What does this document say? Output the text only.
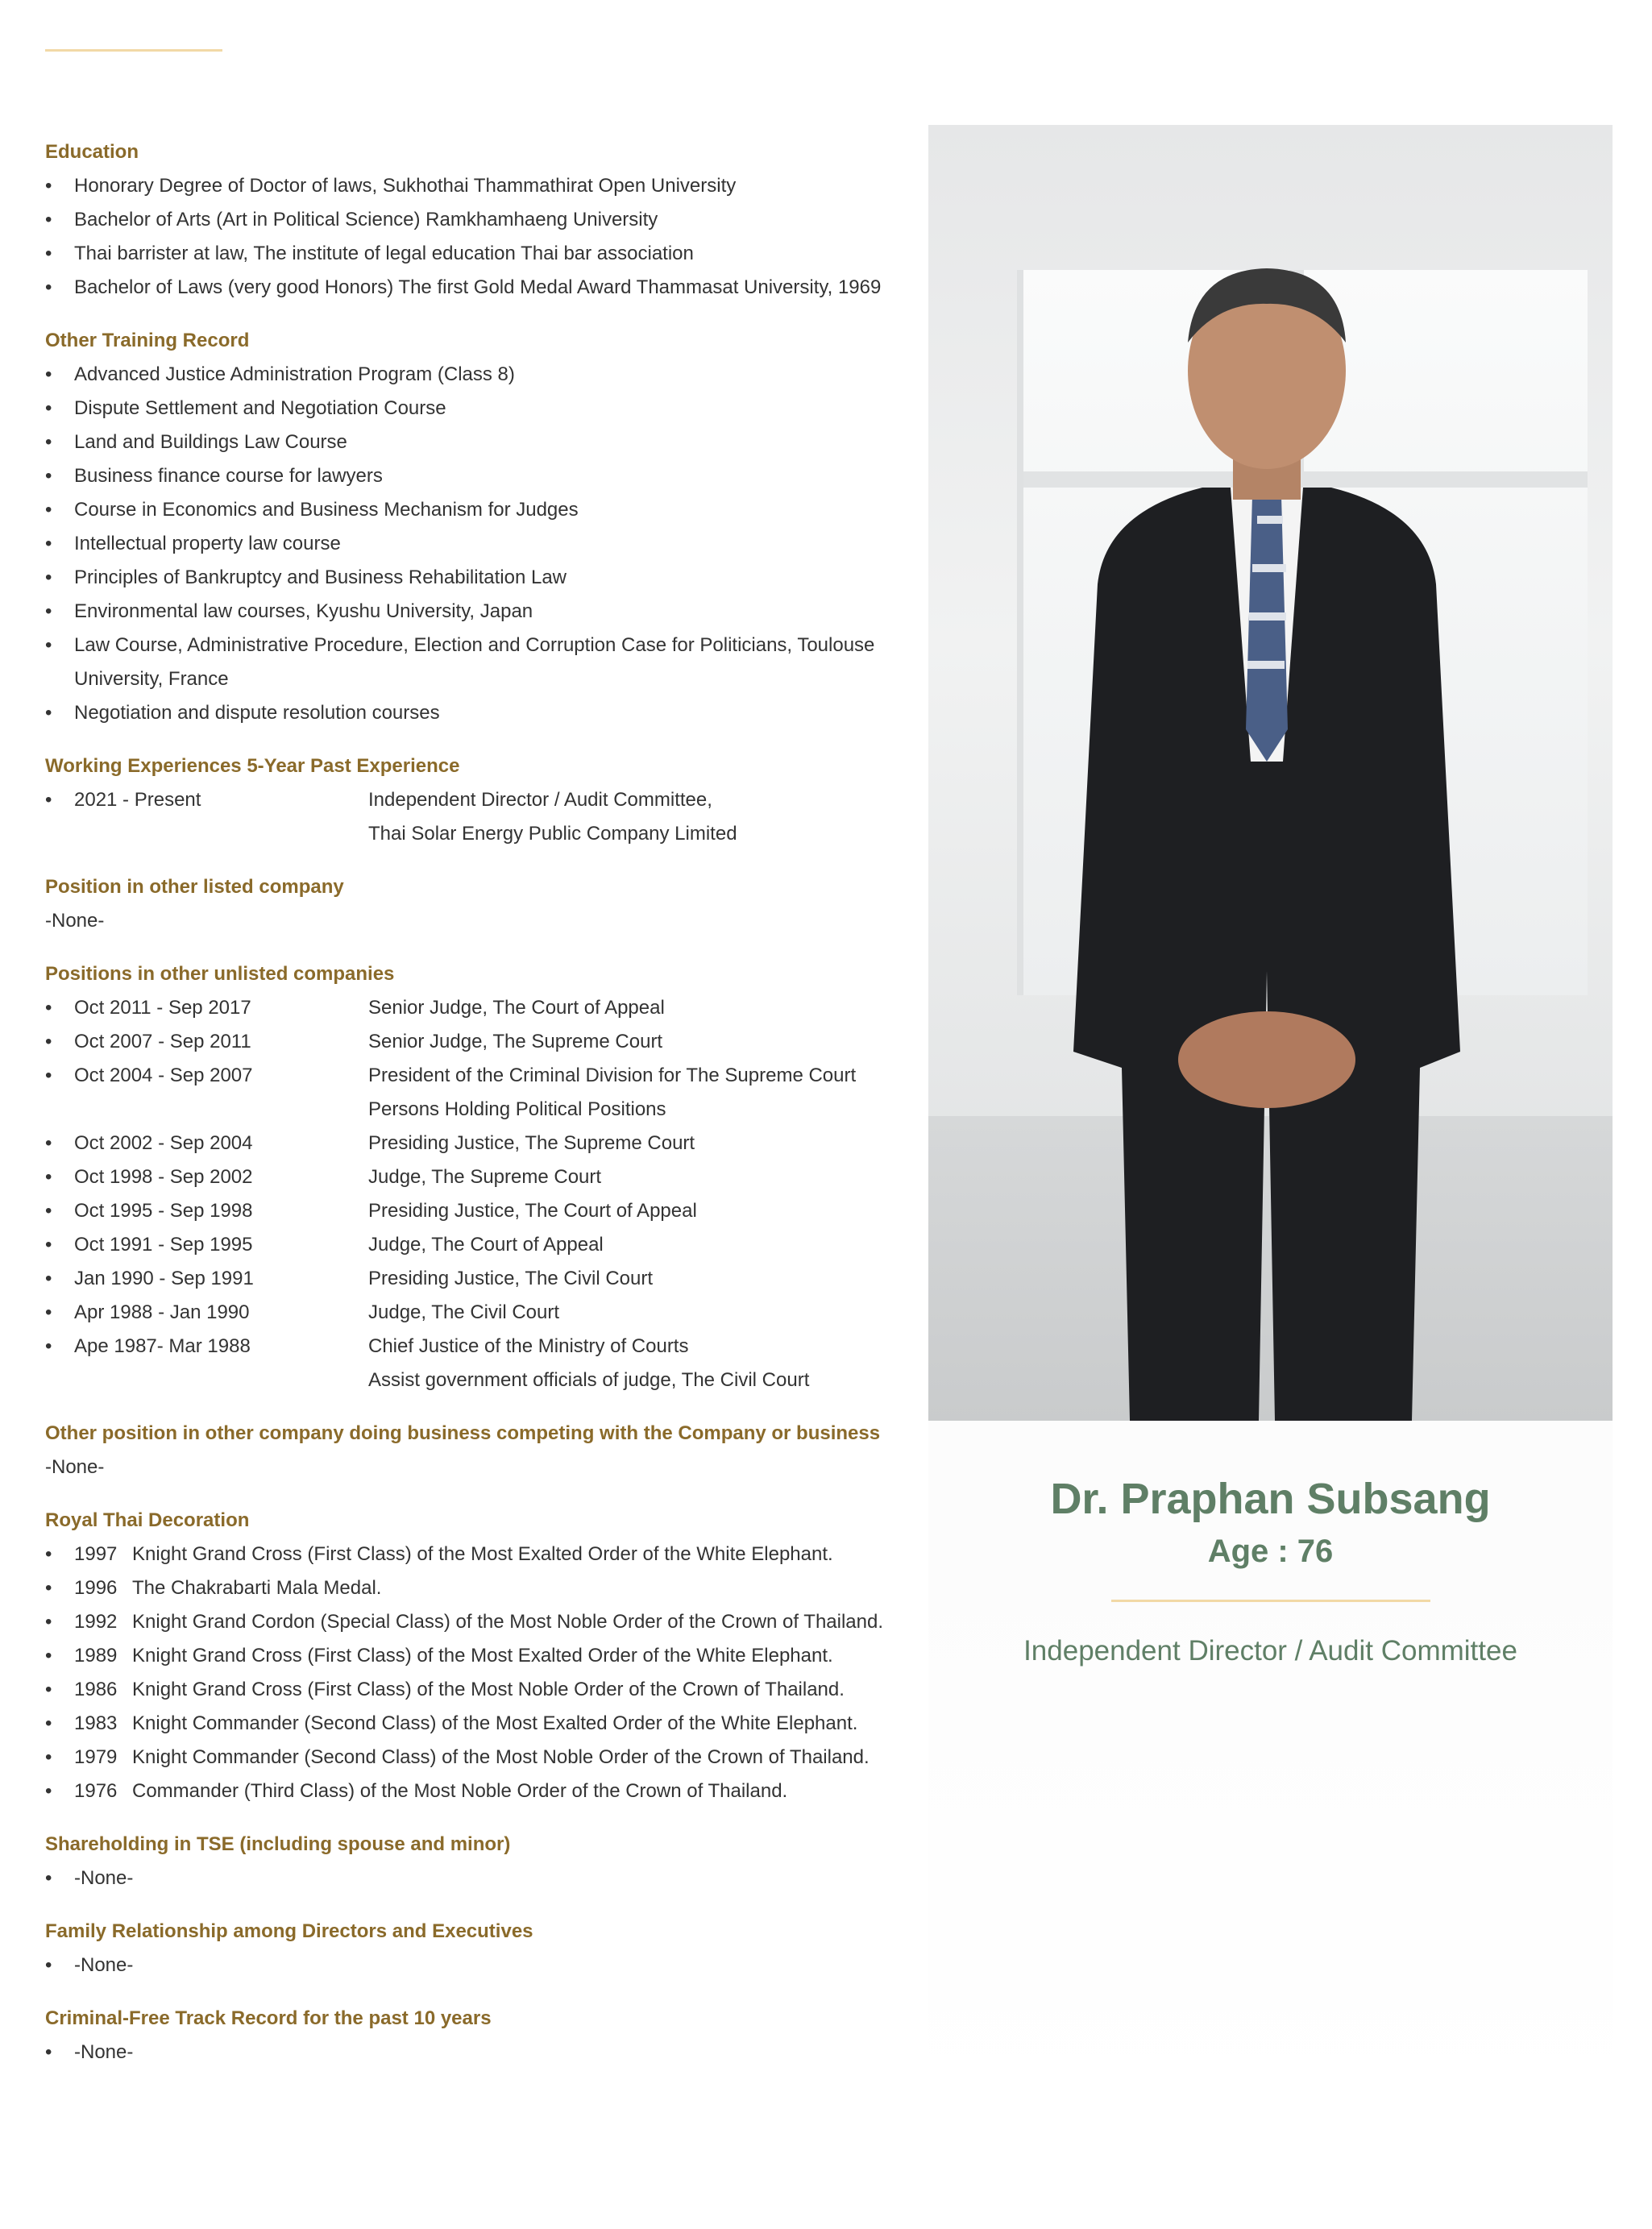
Education

• Honorary Degree of Doctor of laws, Sukhothai Thammathirat Open University
• Bachelor of Arts (Art in Political Science) Ramkhamhaeng University
• Thai barrister at law, The institute of legal education Thai bar association
• Bachelor of Laws (very good Honors) The first Gold Medal Award Thammasat University, 1969

Other Training Record

• Advanced Justice Administration Program (Class 8)
• Dispute Settlement and Negotiation Course
• Land and Buildings Law Course
• Business finance course for lawyers
• Course in Economics and Business Mechanism for Judges
• Intellectual property law course
• Principles of Bankruptcy and Business Rehabilitation Law
• Environmental law courses, Kyushu University, Japan
• Law Course, Administrative Procedure, Election and Corruption Case for Politicians, Toulouse University, France
• Negotiation and dispute resolution courses

Working Experiences 5-Year Past Experience

• 2021 - Present	Independent Director / Audit Committee,
Thai Solar Energy Public Company Limited

Position in other listed company

-None-

Positions in other unlisted companies

• Oct 2011 - Sep 2017	Senior Judge, The Court of Appeal
• Oct 2007 - Sep 2011	Senior Judge, The Supreme Court
• Oct 2004 - Sep 2007	President of the Criminal Division for The Supreme Court
Persons Holding Political Positions
• Oct 2002 - Sep 2004	Presiding Justice, The Supreme Court
• Oct 1998 - Sep 2002	Judge, The Supreme Court
• Oct 1995 - Sep 1998	Presiding Justice, The Court of Appeal
• Oct 1991 - Sep 1995	Judge, The Court of Appeal
• Jan 1990 - Sep 1991	Presiding Justice, The Civil Court
• Apr 1988 - Jan 1990	Judge, The Civil Court
• Ape 1987- Mar 1988	Chief Justice of the Ministry of Courts
Assist government officials of judge, The Civil Court

Other position in other company doing business competing with the Company or business

-None-

Royal Thai Decoration

• 1997 Knight Grand Cross (First Class) of the Most Exalted Order of the White Elephant.
• 1996 The Chakrabarti Mala Medal.
• 1992 Knight Grand Cordon (Special Class) of the Most Noble Order of the Crown of Thailand.
• 1989 Knight Grand Cross (First Class) of the Most Exalted Order of the White Elephant.
• 1986 Knight Grand Cross (First Class) of the Most Noble Order of the Crown of Thailand.
• 1983 Knight Commander (Second Class) of the Most Exalted Order of the White Elephant.
• 1979 Knight Commander (Second Class) of the Most Noble Order of the Crown of Thailand.
• 1976 Commander (Third Class) of the Most Noble Order of the Crown of Thailand.

Shareholding in TSE (including spouse and minor)

• -None-

Family Relationship among Directors and Executives

• -None-

Criminal-Free Track Record for the past 10 years

• -None-

Dr. Praphan Subsang

Age : 76

Independent Director / Audit Committee
